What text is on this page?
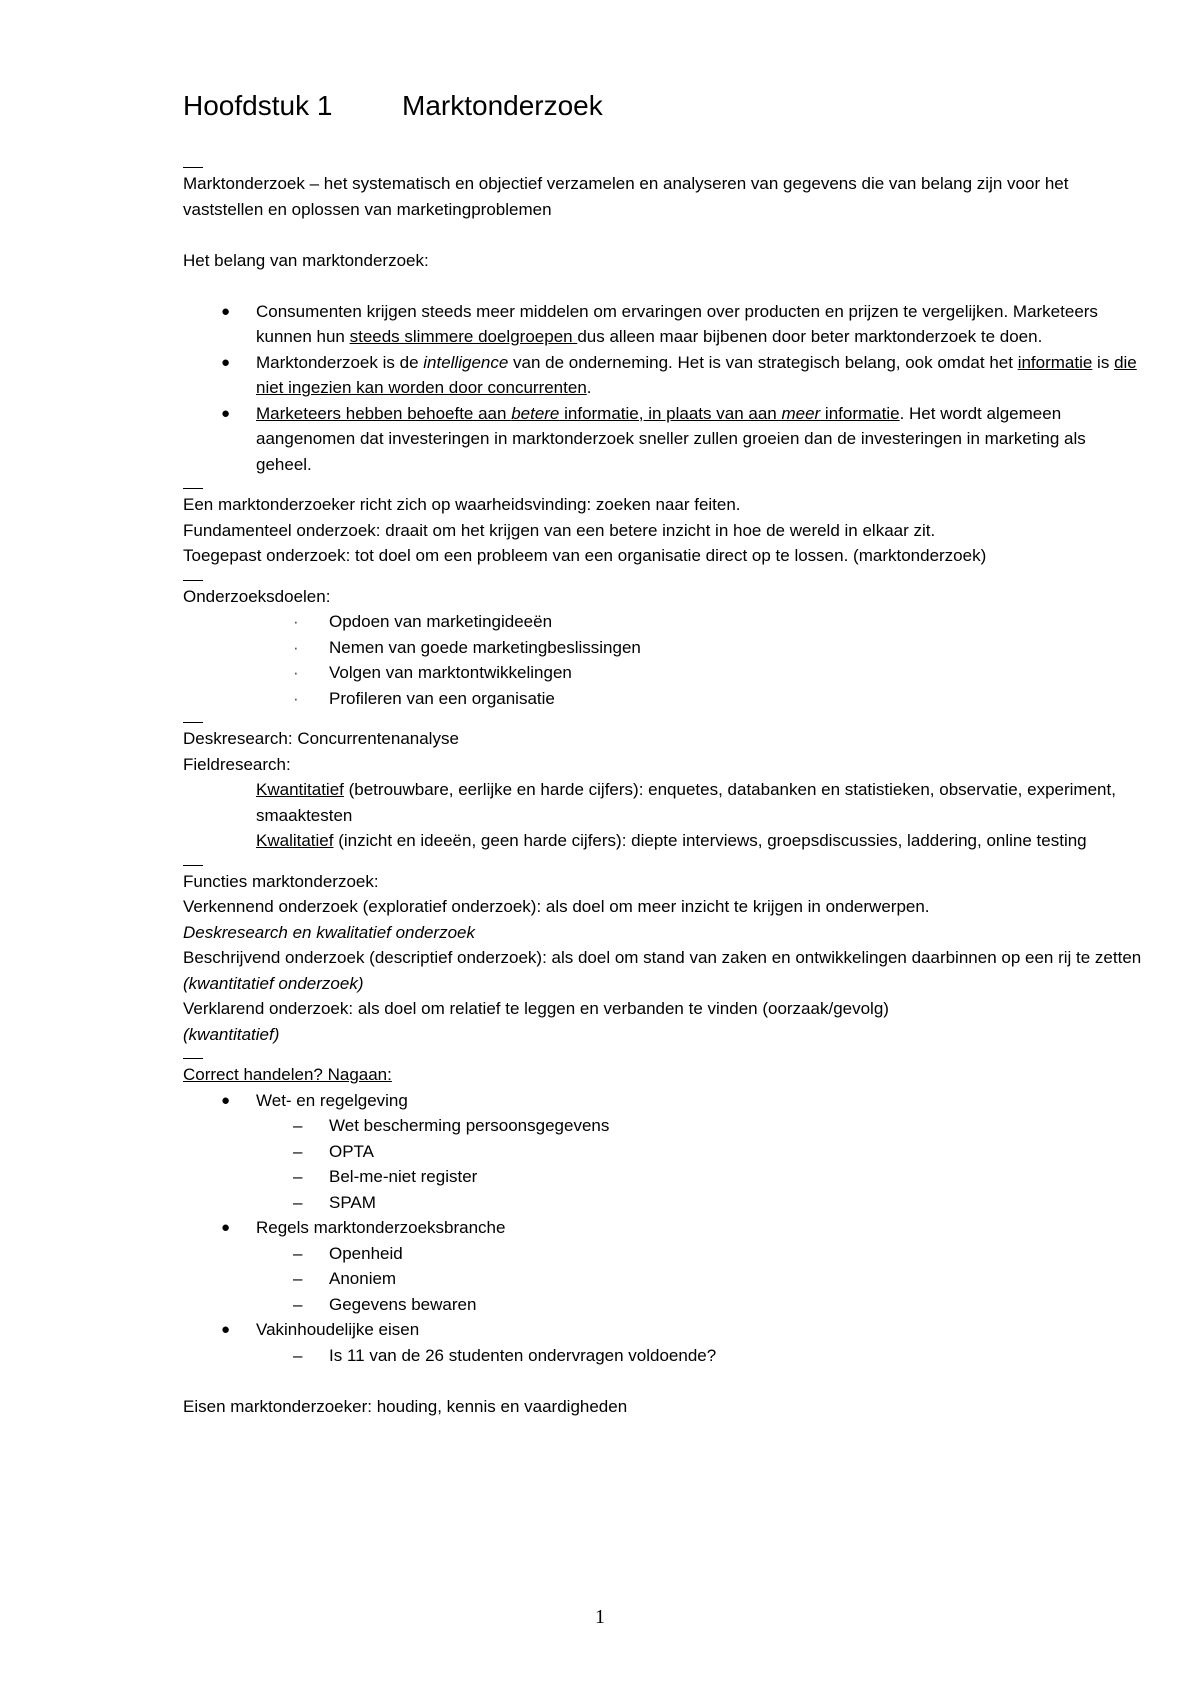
Hoofdstuk 1 Marktonderzoek

Marktonderzoek – het systematisch en objectief verzamelen en analyseren van gegevens die van belang zijn voor het vaststellen en oplossen van marketingproblemen

Het belang van marktonderzoek:

● Consumenten krijgen steeds meer middelen om ervaringen over producten en prijzen te vergelijken. Marketeers kunnen hun steeds slimmere doelgroepen dus alleen maar bijbenen door beter marktonderzoek te doen.
● Marktonderzoek is de intelligence van de onderneming. Het is van strategisch belang, ook omdat het informatie is die niet ingezien kan worden door concurrenten.
● Marketeers hebben behoefte aan betere informatie, in plaats van aan meer informatie. Het wordt algemeen aangenomen dat investeringen in marktonderzoek sneller zullen groeien dan de investeringen in marketing als geheel.

Een marktonderzoeker richt zich op waarheidsvinding: zoeken naar feiten.

Fundamenteel onderzoek: draait om het krijgen van een betere inzicht in hoe de wereld in elkaar zit.

Toegepast onderzoek: tot doel om een probleem van een organisatie direct op te lossen. (marktonderzoek)

Onderzoeksdoelen:

· Opdoen van marketingideeën
· Nemen van goede marketingbeslissingen
· Volgen van marktontwikkelingen
· Profileren van een organisatie

Deskresearch: Concurrentenanalyse

Fieldresearch:

Kwantitatief (betrouwbare, eerlijke en harde cijfers): enquetes, databanken en statistieken, observatie, experiment, smaaktesten

Kwalitatief (inzicht en ideeën, geen harde cijfers): diepte interviews, groepsdiscussies, laddering, online testing

Functies marktonderzoek:

Verkennend onderzoek (exploratief onderzoek): als doel om meer inzicht te krijgen in onderwerpen.

Deskresearch en kwalitatief onderzoek

Beschrijvend onderzoek (descriptief onderzoek): als doel om stand van zaken en ontwikkelingen daarbinnen op een rij te zetten (kwantitatief onderzoek)

Verklarend onderzoek: als doel om relatief te leggen en verbanden te vinden (oorzaak/gevolg)

(kwantitatief)

Correct handelen? Nagaan:

● Wet- en regelgeving
– Wet bescherming persoonsgegevens
– OPTA
– Bel-me-niet register
– SPAM
● Regels marktonderzoeksbranche
– Openheid
– Anoniem
– Gegevens bewaren
● Vakinhoudelijke eisen
– Is 11 van de 26 studenten ondervragen voldoende?

Eisen marktonderzoeker: houding, kennis en vaardigheden

1
